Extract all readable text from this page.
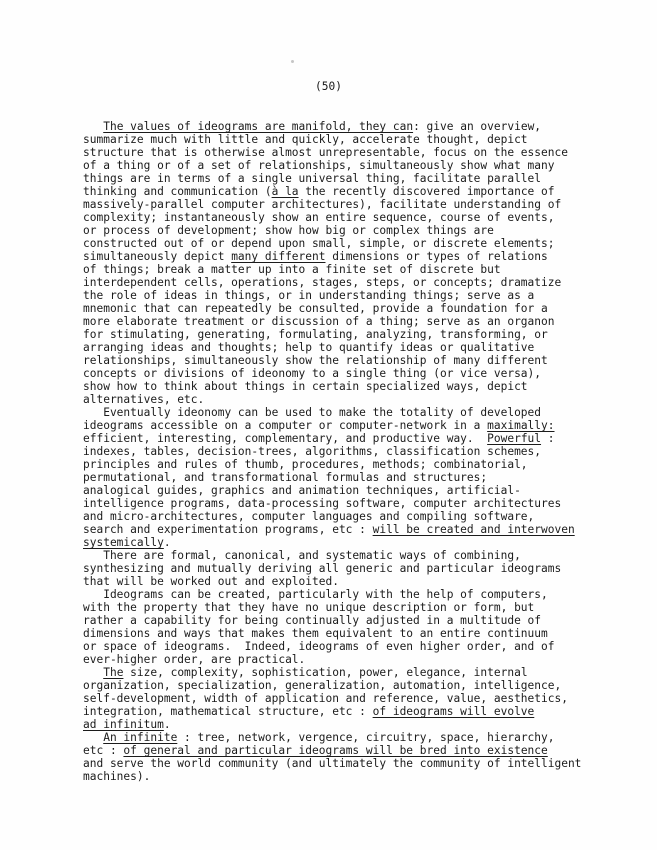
(50)
The values of ideograms are manifold, they can: give an overview,
summarize much with little and quickly, accelerate thought, depict
structure that is otherwise almost unrepresentable, focus on the essence
of a thing or of a set of relationships, simultaneously show what many
things are in terms of a single universal thing, facilitate parallel
thinking and communication (à la the recently discovered importance of
massively-parallel computer architectures), facilitate understanding of
complexity; instantaneously show an entire sequence, course of events,
or process of development; show how big or complex things are
constructed out of or depend upon small, simple, or discrete elements;
simultaneously depict many different dimensions or types of relations
of things; break a matter up into a finite set of discrete but
interdependent cells, operations, stages, steps, or concepts; dramatize
the role of ideas in things, or in understanding things; serve as a
mnemonic that can repeatedly be consulted, provide a foundation for a
more elaborate treatment or discussion of a thing; serve as an organon
for stimulating, generating, formulating, analyzing, transforming, or
arranging ideas and thoughts; help to quantify ideas or qualitative
relationships, simultaneously show the relationship of many different
concepts or divisions of ideonomy to a single thing (or vice versa),
show how to think about things in certain specialized ways, depict
alternatives, etc.
Eventually ideonomy can be used to make the totality of developed
ideograms accessible on a computer or computer-network in a maximally:
efficient, interesting, complementary, and productive way.  Powerful :
indexes, tables, decision-trees, algorithms, classification schemes,
principles and rules of thumb, procedures, methods; combinatorial,
permutational, and transformational formulas and structures;
analogical guides, graphics and animation techniques, artificial-
intelligence programs, data-processing software, computer architectures
and micro-architectures, computer languages and compiling software,
search and experimentation programs, etc : will be created and interwoven
systemically.
There are formal, canonical, and systematic ways of combining,
synthesizing and mutually deriving all generic and particular ideograms
that will be worked out and exploited.
Ideograms can be created, particularly with the help of computers,
with the property that they have no unique description or form, but
rather a capability for being continually adjusted in a multitude of
dimensions and ways that makes them equivalent to an entire continuum
or space of ideograms.  Indeed, ideograms of even higher order, and of
ever-higher order, are practical.
The size, complexity, sophistication, power, elegance, internal
organization, specialization, generalization, automation, intelligence,
self-development, width of application and reference, value, aesthetics,
integration, mathematical structure, etc : of ideograms will evolve
ad infinitum.
An infinite : tree, network, vergence, circuitry, space, hierarchy,
etc : of general and particular ideograms will be bred into existence
and serve the world community (and ultimately the community of intelligent
machines).
